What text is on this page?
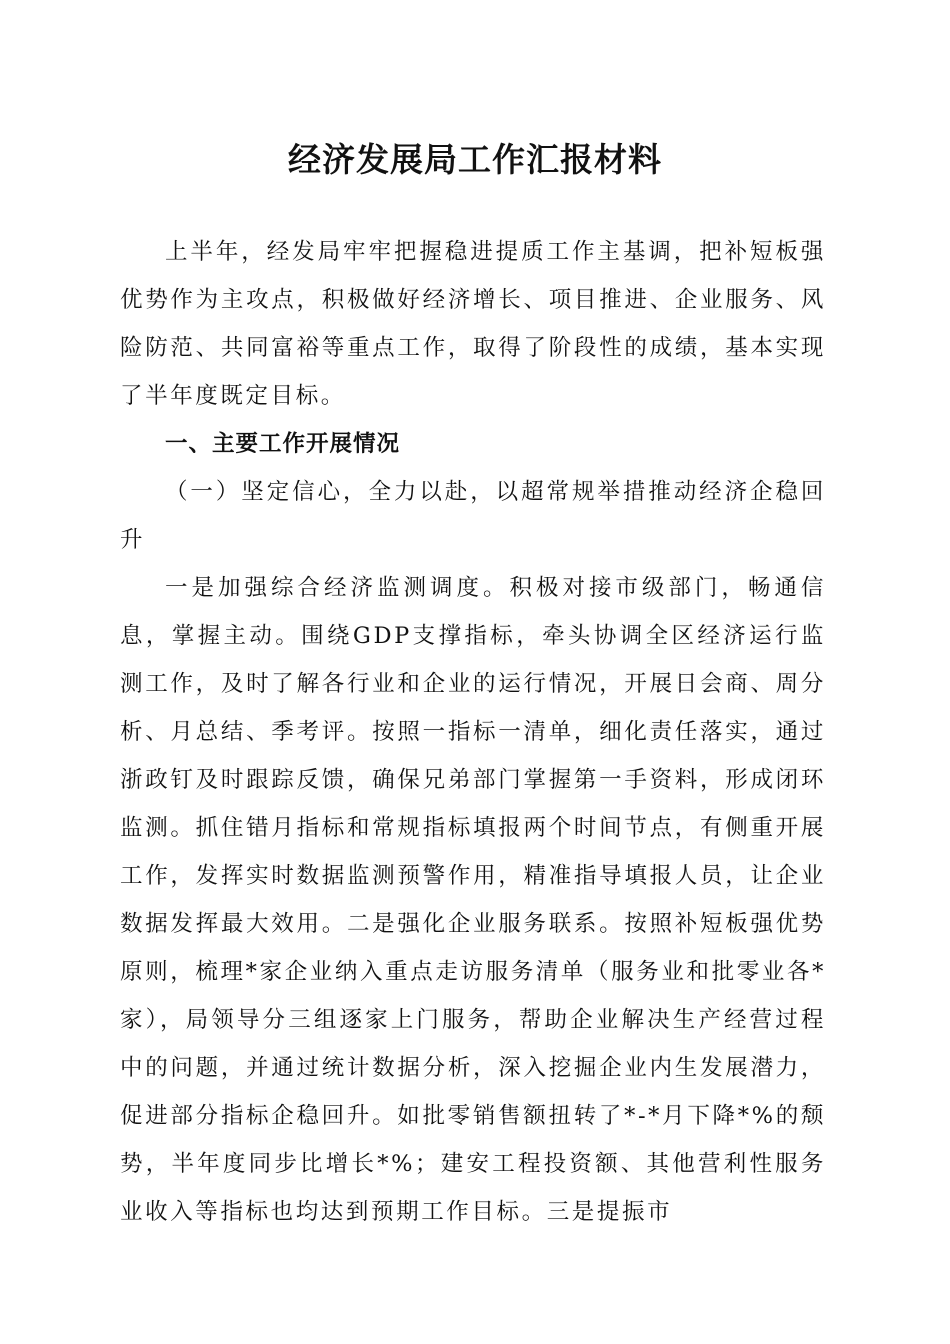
经济发展局工作汇报材料

上半年，经发局牢牢把握稳进提质工作主基调，把补短板强优势作为主攻点，积极做好经济增长、项目推进、企业服务、风险防范、共同富裕等重点工作，取得了阶段性的成绩，基本实现了半年度既定目标。

一、主要工作开展情况

（一）坚定信心，全力以赴，以超常规举措推动经济企稳回升

一是加强综合经济监测调度。积极对接市级部门，畅通信息，掌握主动。围绕GDP支撑指标，牵头协调全区经济运行监测工作，及时了解各行业和企业的运行情况，开展日会商、周分析、月总结、季考评。按照一指标一清单，细化责任落实，通过浙政钉及时跟踪反馈，确保兄弟部门掌握第一手资料，形成闭环监测。抓住错月指标和常规指标填报两个时间节点，有侧重开展工作，发挥实时数据监测预警作用，精准指导填报人员，让企业数据发挥最大效用。二是强化企业服务联系。按照补短板强优势原则，梳理*家企业纳入重点走访服务清单（服务业和批零业各*家），局领导分三组逐家上门服务，帮助企业解决生产经营过程中的问题，并通过统计数据分析，深入挖掘企业内生发展潜力，促进部分指标企稳回升。如批零销售额扭转了*-*月下降*%的颓势，半年度同步比增长*%；建安工程投资额、其他营利性服务业收入等指标也均达到预期工作目标。三是提振市
